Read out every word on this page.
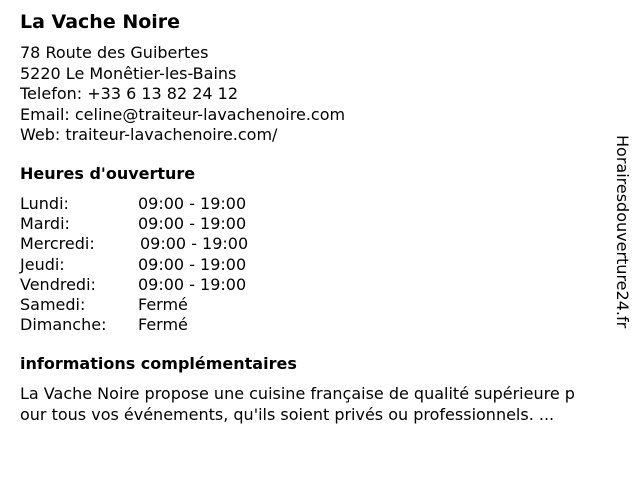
La Vache Noire
78 Route des Guibertes
5220 Le Monêtier-les-Bains
Telefon: +33 6 13 82 24 12
Email: celine@traiteur-lavachenoire.com
Web: traiteur-lavachenoire.com/
Heures d'ouverture
Lundi:	09:00 - 19:00
Mardi:	09:00 - 19:00
Mercredi:	09:00 - 19:00
Jeudi:	09:00 - 19:00
Vendredi:	09:00 - 19:00
Samedi:	Fermé
Dimanche: Fermé
informations complémentaires
La Vache Noire propose une cuisine française de qualité supérieure p
our tous vos événements, qu'ils soient privés ou professionnels. ...
Horairesdouverture24.fr
